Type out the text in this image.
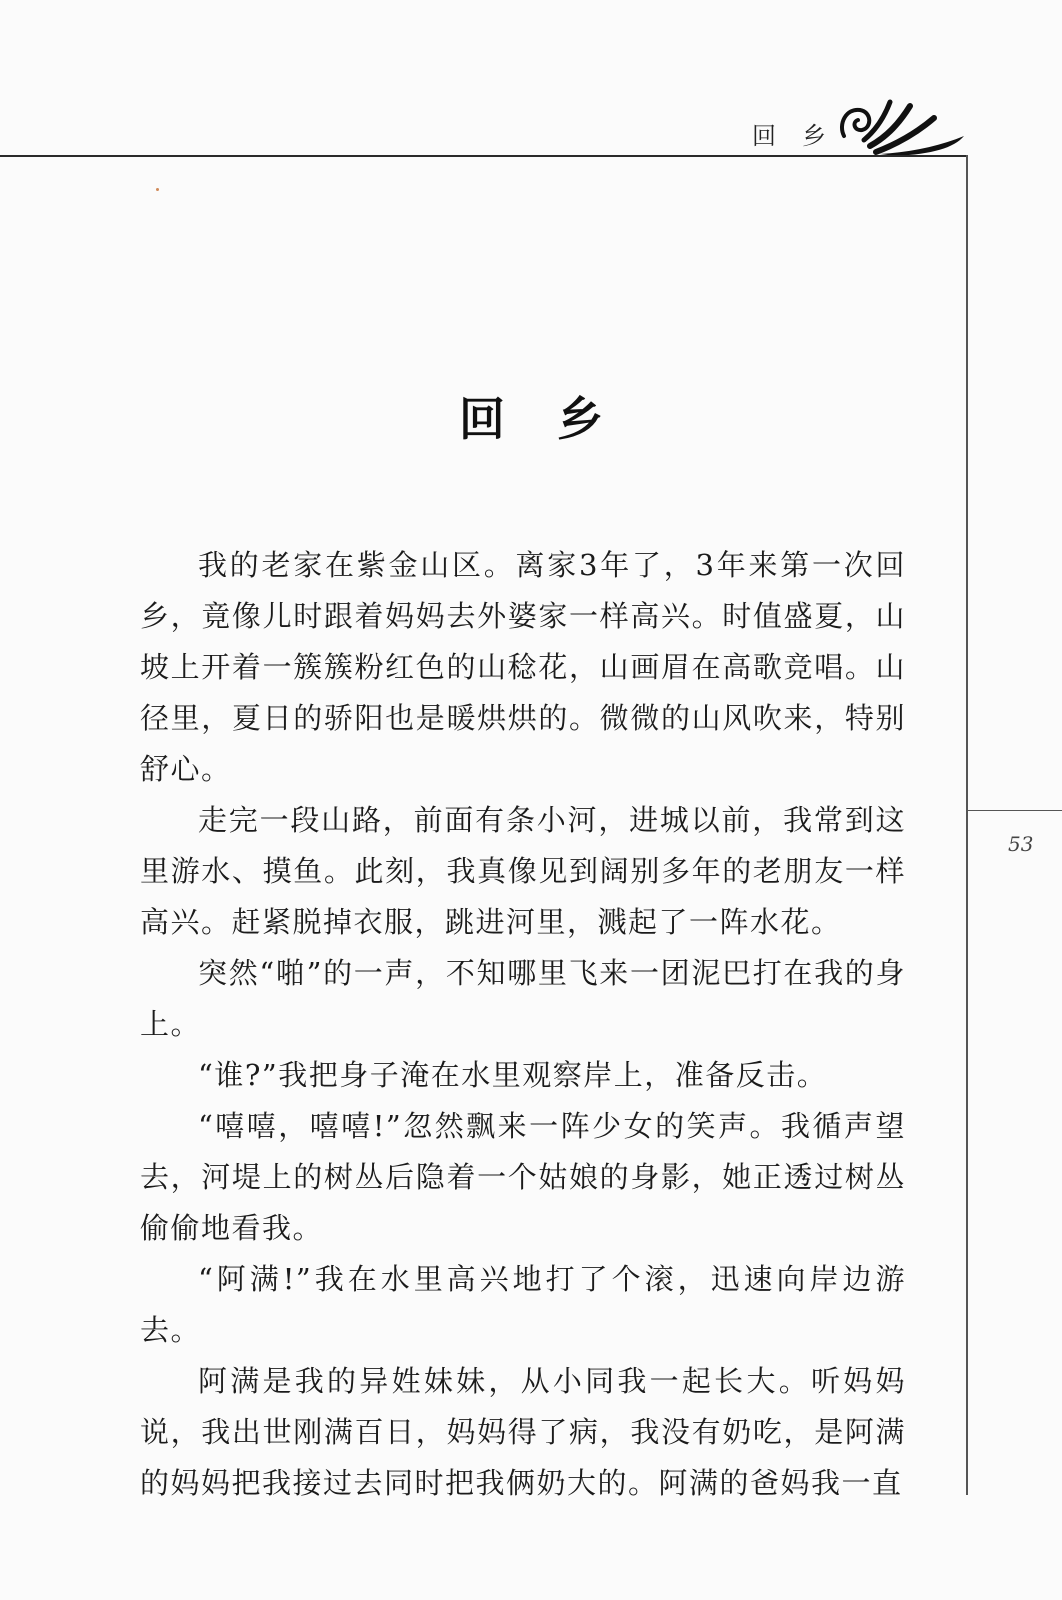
回乡
53
回乡

我的老家在紫金山区。离家3年了，3年来第一次回乡，竟像儿时跟着妈妈去外婆家一样高兴。时值盛夏，山坡上开着一簇簇粉红色的山稔花，山画眉在高歌竞唱。山径里，夏日的骄阳也是暖烘烘的。微微的山风吹来，特别舒心。

走完一段山路，前面有条小河，进城以前，我常到这里游水、摸鱼。此刻，我真像见到阔别多年的老朋友一样高兴。赶紧脱掉衣服，跳进河里，溅起了一阵水花。

突然“啪”的一声，不知哪里飞来一团泥巴打在我的身上。

“谁?”我把身子淹在水里观察岸上，准备反击。

“嘻嘻，嘻嘻!”忽然飘来一阵少女的笑声。我循声望去，河堤上的树丛后隐着一个姑娘的身影，她正透过树丛偷偷地看我。

“阿满!”我在水里高兴地打了个滚，迅速向岸边游去。

阿满是我的异姓妹妹，从小同我一起长大。听妈妈说，我出世刚满百日，妈妈得了病，我没有奶吃，是阿满的妈妈把我接过去同时把我俩奶大的。阿满的爸妈我一直
